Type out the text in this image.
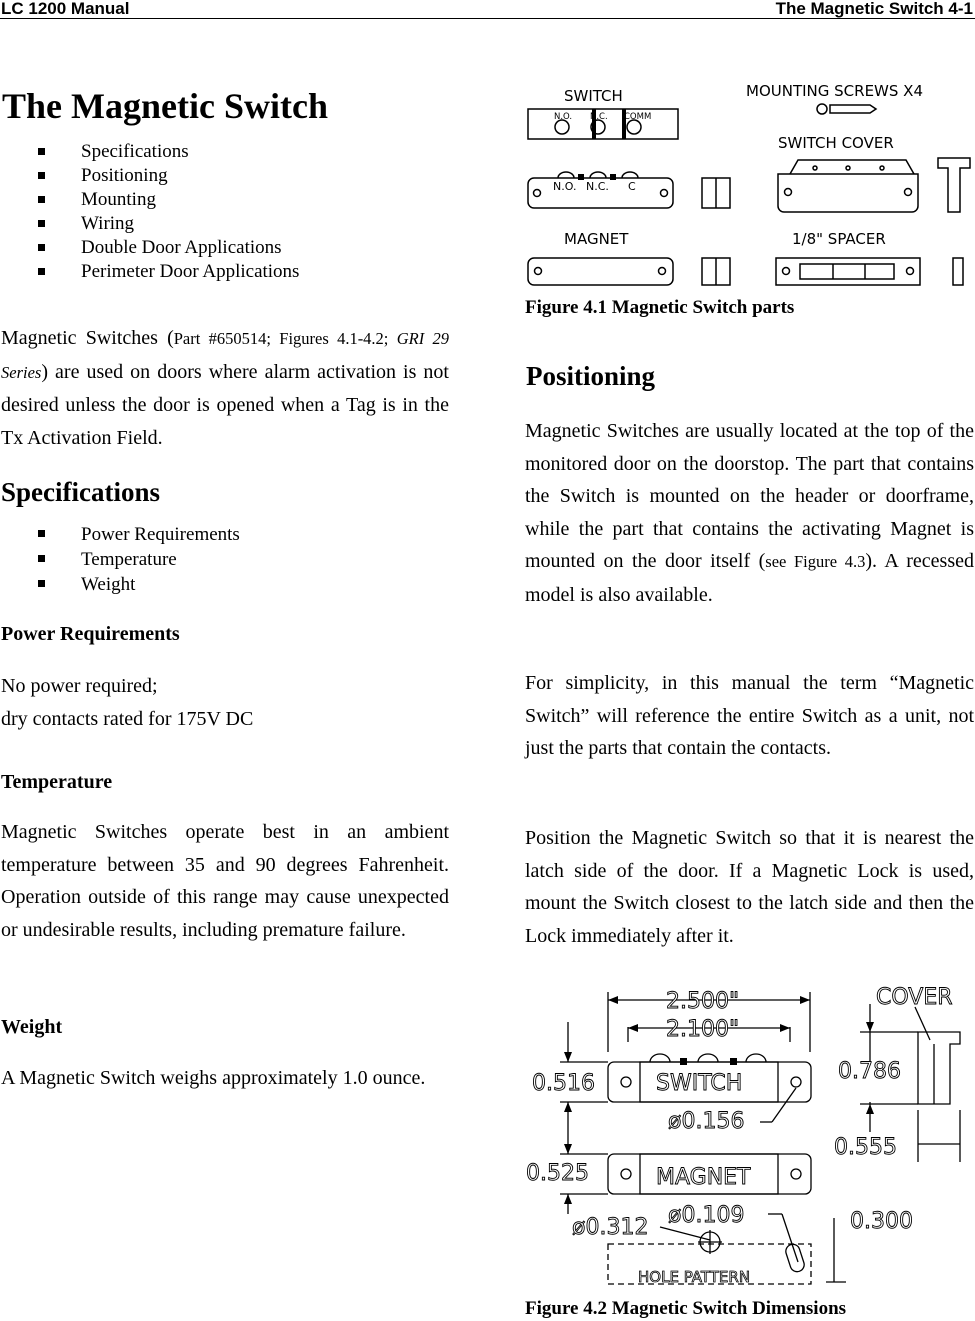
LC 1200 Manual	The Magnetic Switch 4-1
The Magnetic Switch
Specifications
Positioning
Mounting
Wiring
Double Door Applications
Perimeter Door Applications
Magnetic Switches (Part #650514; Figures 4.1-4.2; GRI 29 Series) are used on doors where alarm activation is not desired unless the door is opened when a Tag is in the Tx Activation Field.
Specifications
Power Requirements
Temperature
Weight
Power Requirements
No power required;
dry contacts rated for 175V DC
Temperature
Magnetic Switches operate best in an ambient temperature between 35 and 90 degrees Fahrenheit. Operation outside of this range may cause unexpected or undesirable results, including premature failure.
Weight
A Magnetic Switch weighs approximately 1.0 ounce.
SWITCH	MOUNTING SCREWS X4
SWITCH COVER
MAGNET	1/8" SPACER
N.O. N.C. COMM
N.O. N.C. C
Figure 4.1 Magnetic Switch parts
Positioning
Magnetic Switches are usually located at the top of the monitored door on the doorstop. The part that contains the Switch is mounted on the header or doorframe, while the part that contains the activating Magnet is mounted on the door itself (see Figure 4.3). A recessed model is also available.
For simplicity, in this manual the term “Magnetic Switch” will reference the entire Switch as a unit, not just the parts that contain the contacts.
Position the Magnetic Switch so that it is nearest the latch side of the door. If a Magnetic Lock is used, mount the Switch closest to the latch side and then the Lock immediately after it.
2.500"
2.100"
0.516
ø0.156
0.525
ø0.109
ø0.312	0.300
0.786
0.555
COVER
SWITCH
MAGNET
HOLE PATTERN
Figure 4.2 Magnetic Switch Dimensions
